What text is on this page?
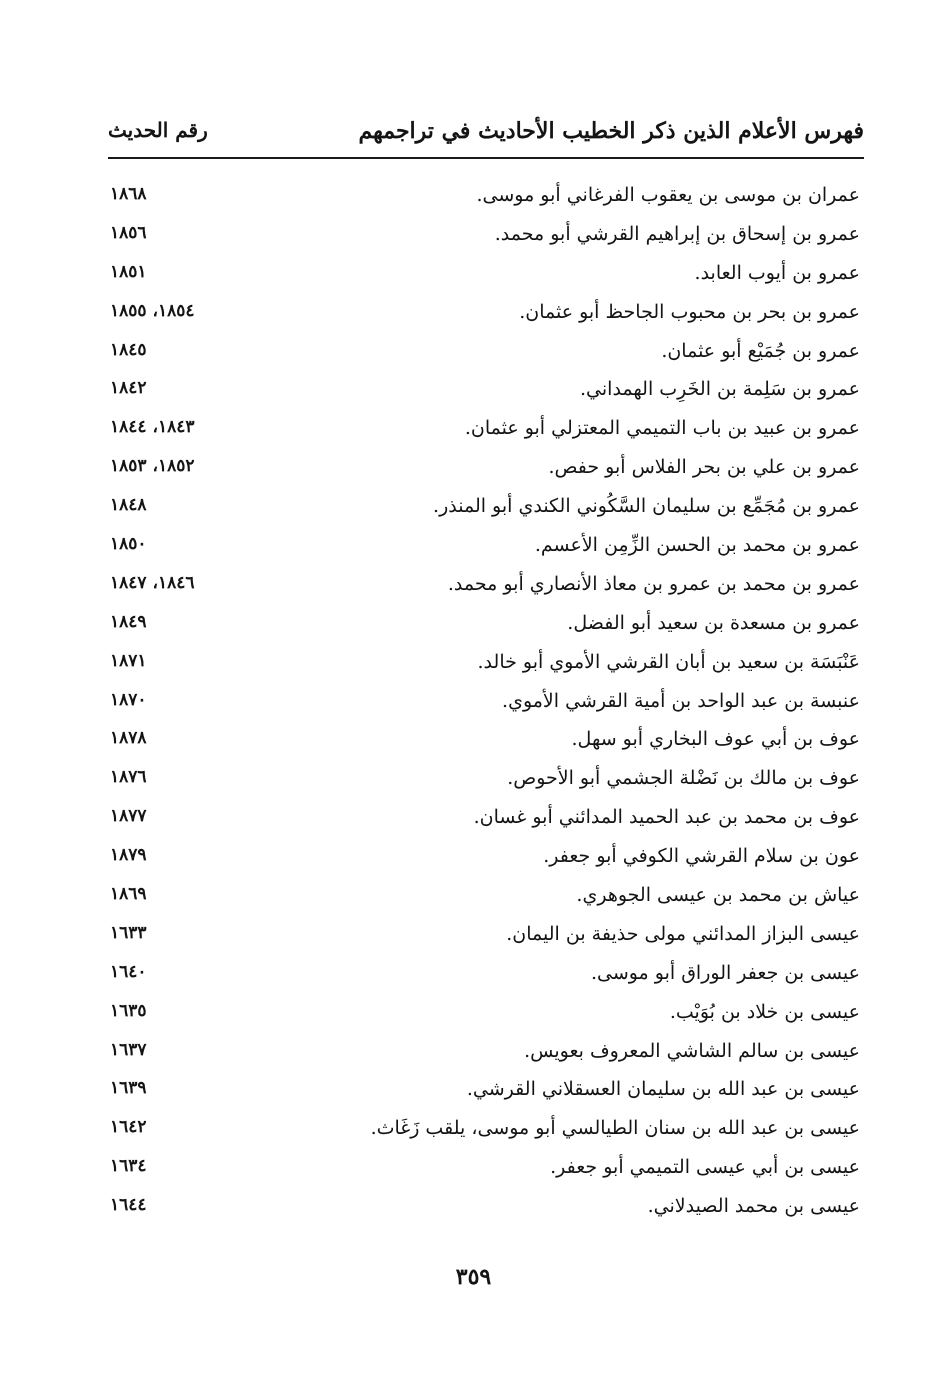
فهرس الأعلام الذين ذكر الخطيب الأحاديث في تراجمهم
رقم الحديث
عمران بن موسى بن يعقوب الفرغاني أبو موسى.
١٨٦٨
عمرو بن إسحاق بن إبراهيم القرشي أبو محمد.
١٨٥٦
عمرو بن أيوب العابد.
١٨٥١
عمرو بن بحر بن محبوب الجاحظ أبو عثمان.
١٨٥٤، ١٨٥٥
عمرو بن جُمَيْع أبو عثمان.
١٨٤٥
عمرو بن سَلِمة بن الخَرِب الهمداني.
١٨٤٢
عمرو بن عبيد بن باب التميمي المعتزلي أبو عثمان.
١٨٤٣، ١٨٤٤
عمرو بن علي بن بحر الفلاس أبو حفص.
١٨٥٢، ١٨٥٣
عمرو بن مُجَمِّع بن سليمان السَّكُوني الكندي أبو المنذر.
١٨٤٨
عمرو بن محمد بن الحسن الزِّمِن الأعسم.
١٨٥٠
عمرو بن محمد بن عمرو بن معاذ الأنصاري أبو محمد.
١٨٤٦، ١٨٤٧
عمرو بن مسعدة بن سعيد أبو الفضل.
١٨٤٩
عَنْبَسَة بن سعيد بن أبان القرشي الأموي أبو خالد.
١٨٧١
عنبسة بن عبد الواحد بن أمية القرشي الأموي.
١٨٧٠
عوف بن أبي عوف البخاري أبو سهل.
١٨٧٨
عوف بن مالك بن نَضْلة الجشمي أبو الأحوص.
١٨٧٦
عوف بن محمد بن عبد الحميد المدائني أبو غسان.
١٨٧٧
عون بن سلام القرشي الكوفي أبو جعفر.
١٨٧٩
عياش بن محمد بن عيسى الجوهري.
١٨٦٩
عيسى البزاز المدائني مولى حذيفة بن اليمان.
١٦٣٣
عيسى بن جعفر الوراق أبو موسى.
١٦٤٠
عيسى بن خلاد بن بُوَيْب.
١٦٣٥
عيسى بن سالم الشاشي المعروف بعويس.
١٦٣٧
عيسى بن عبد الله بن سليمان العسقلاني القرشي.
١٦٣٩
عيسى بن عبد الله بن سنان الطيالسي أبو موسى، يلقب زَغَاث.
١٦٤٢
عيسى بن أبي عيسى التميمي أبو جعفر.
١٦٣٤
عيسى بن محمد الصيدلاني.
١٦٤٤
٣٥٩
